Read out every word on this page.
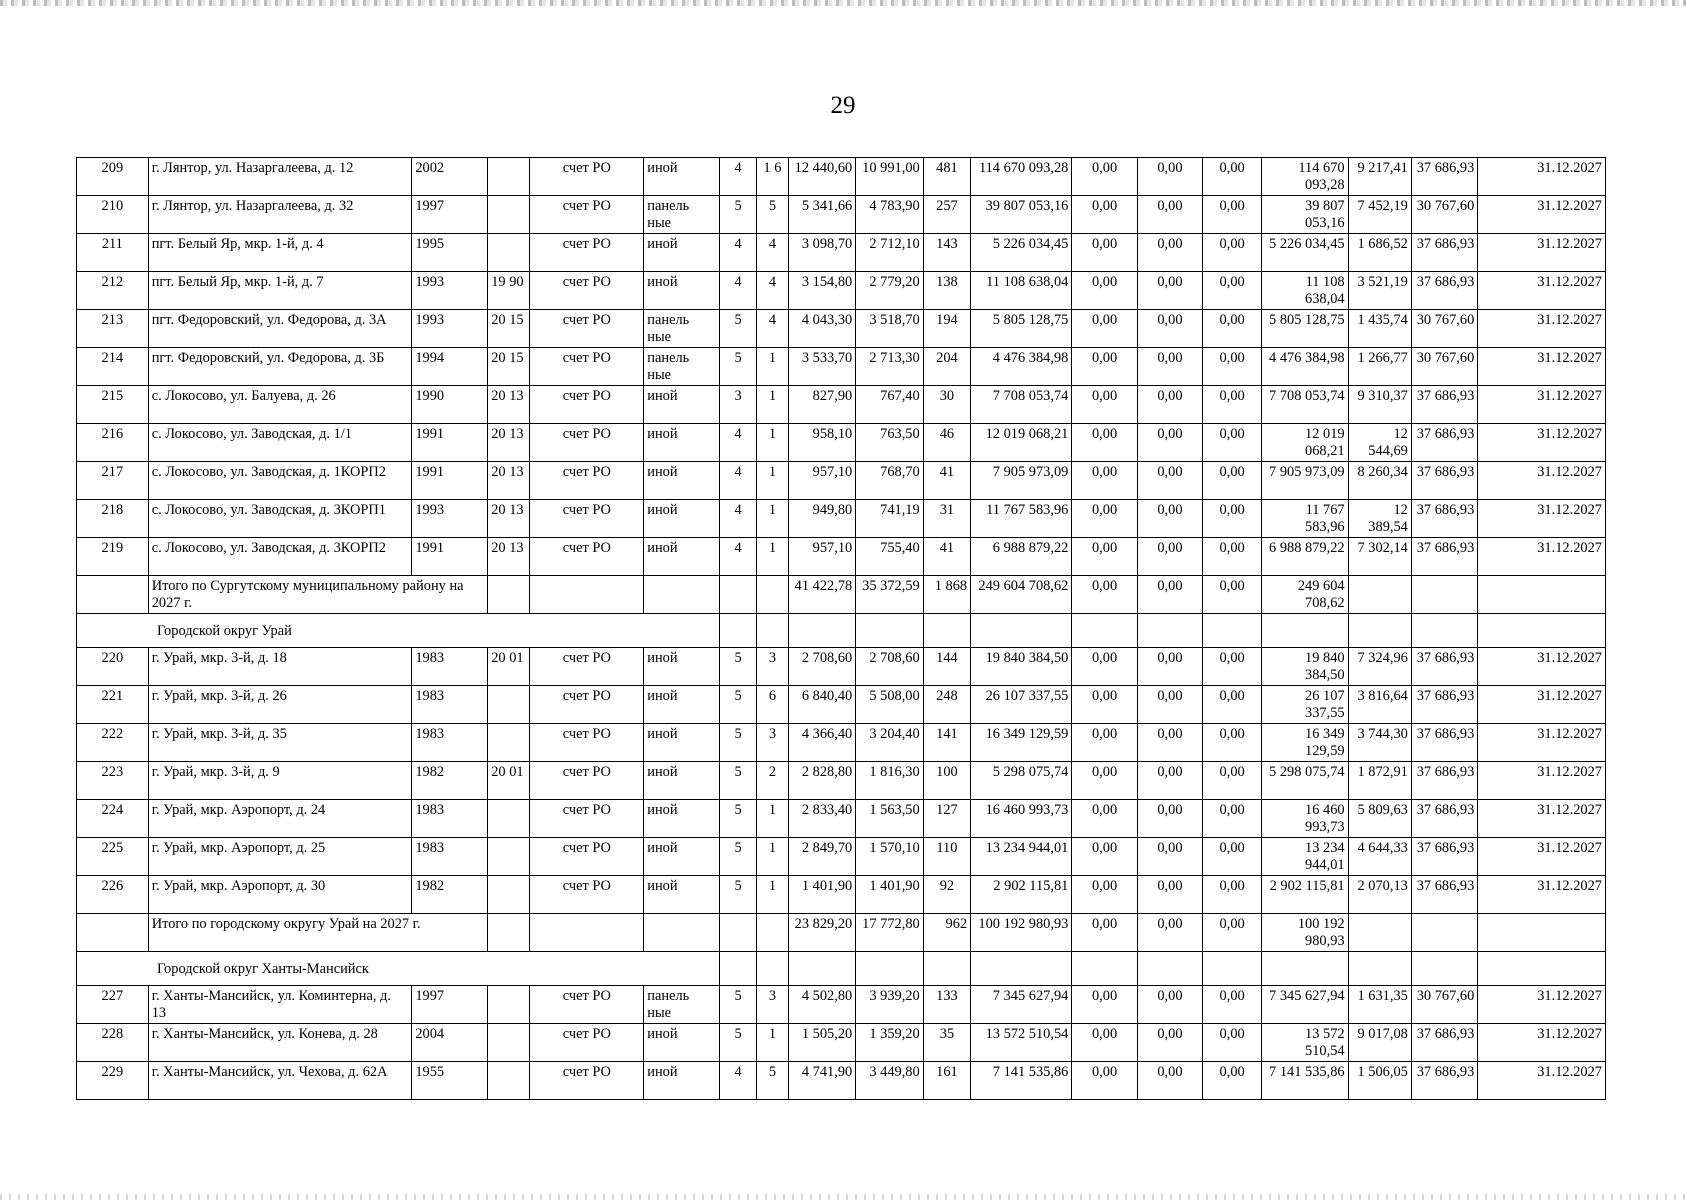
29
209	г. Лянтор, ул. Назаргалеева, д. 12	2002		счет РО	иной	4	1 6	12 440,60	10 991,00	481	114 670 093,28	0,00	0,00	0,00	114 670 093,28	9 217,41	37 686,93	31.12.2027
210	г. Лянтор, ул. Назаргалеева, д. 32	1997		счет РО	панель ные	5	5	5 341,66	4 783,90	257	39 807 053,16	0,00	0,00	0,00	39 807 053,16	7 452,19	30 767,60	31.12.2027
211	пгт. Белый Яр, мкр. 1-й, д. 4	1995		счет РО	иной	4	4	3 098,70	2 712,10	143	5 226 034,45	0,00	0,00	0,00	5 226 034,45	1 686,52	37 686,93	31.12.2027
212	пгт. Белый Яр, мкр. 1-й, д. 7	1993	19 90	счет РО	иной	4	4	3 154,80	2 779,20	138	11 108 638,04	0,00	0,00	0,00	11 108 638,04	3 521,19	37 686,93	31.12.2027
213	пгт. Федоровский, ул. Федорова, д. 3А	1993	20 15	счет РО	панель ные	5	4	4 043,30	3 518,70	194	5 805 128,75	0,00	0,00	0,00	5 805 128,75	1 435,74	30 767,60	31.12.2027
214	пгт. Федоровский, ул. Федорова, д. 3Б	1994	20 15	счет РО	панель ные	5	1	3 533,70	2 713,30	204	4 476 384,98	0,00	0,00	0,00	4 476 384,98	1 266,77	30 767,60	31.12.2027
215	с. Локосово, ул. Балуева, д. 26	1990	20 13	счет РО	иной	3	1	827,90	767,40	30	7 708 053,74	0,00	0,00	0,00	7 708 053,74	9 310,37	37 686,93	31.12.2027
216	с. Локосово, ул. Заводская, д. 1/1	1991	20 13	счет РО	иной	4	1	958,10	763,50	46	12 019 068,21	0,00	0,00	0,00	12 019 068,21	12 544,69	37 686,93	31.12.2027
217	с. Локосово, ул. Заводская, д. 1КОРП2	1991	20 13	счет РО	иной	4	1	957,10	768,70	41	7 905 973,09	0,00	0,00	0,00	7 905 973,09	8 260,34	37 686,93	31.12.2027
218	с. Локосово, ул. Заводская, д. 3КОРП1	1993	20 13	счет РО	иной	4	1	949,80	741,19	31	11 767 583,96	0,00	0,00	0,00	11 767 583,96	12 389,54	37 686,93	31.12.2027
219	с. Локосово, ул. Заводская, д. 3КОРП2	1991	20 13	счет РО	иной	4	1	957,10	755,40	41	6 988 879,22	0,00	0,00	0,00	6 988 879,22	7 302,14	37 686,93	31.12.2027
	Итого по Сургутскому муниципальному району на 2027 г.							41 422,78	35 372,59	1 868	249 604 708,62	0,00	0,00	0,00	249 604 708,62			
Городской округ Урай																		
220	г. Урай, мкр. 3-й, д. 18	1983	20 01	счет РО	иной	5	3	2 708,60	2 708,60	144	19 840 384,50	0,00	0,00	0,00	19 840 384,50	7 324,96	37 686,93	31.12.2027
221	г. Урай, мкр. 3-й, д. 26	1983		счет РО	иной	5	6	6 840,40	5 508,00	248	26 107 337,55	0,00	0,00	0,00	26 107 337,55	3 816,64	37 686,93	31.12.2027
222	г. Урай, мкр. 3-й, д. 35	1983		счет РО	иной	5	3	4 366,40	3 204,40	141	16 349 129,59	0,00	0,00	0,00	16 349 129,59	3 744,30	37 686,93	31.12.2027
223	г. Урай, мкр. 3-й, д. 9	1982	20 01	счет РО	иной	5	2	2 828,80	1 816,30	100	5 298 075,74	0,00	0,00	0,00	5 298 075,74	1 872,91	37 686,93	31.12.2027
224	г. Урай, мкр. Аэропорт, д. 24	1983		счет РО	иной	5	1	2 833,40	1 563,50	127	16 460 993,73	0,00	0,00	0,00	16 460 993,73	5 809,63	37 686,93	31.12.2027
225	г. Урай, мкр. Аэропорт, д. 25	1983		счет РО	иной	5	1	2 849,70	1 570,10	110	13 234 944,01	0,00	0,00	0,00	13 234 944,01	4 644,33	37 686,93	31.12.2027
226	г. Урай, мкр. Аэропорт, д. 30	1982		счет РО	иной	5	1	1 401,90	1 401,90	92	2 902 115,81	0,00	0,00	0,00	2 902 115,81	2 070,13	37 686,93	31.12.2027
	Итого по городскому округу Урай на 2027 г.							23 829,20	17 772,80	962	100 192 980,93	0,00	0,00	0,00	100 192 980,93			
Городской округ Ханты-Мансийск																		
227	г. Ханты-Мансийск, ул. Коминтерна, д. 13	1997		счет РО	панель ные	5	3	4 502,80	3 939,20	133	7 345 627,94	0,00	0,00	0,00	7 345 627,94	1 631,35	30 767,60	31.12.2027
228	г. Ханты-Мансийск, ул. Конева, д. 28	2004		счет РО	иной	5	1	1 505,20	1 359,20	35	13 572 510,54	0,00	0,00	0,00	13 572 510,54	9 017,08	37 686,93	31.12.2027
229	г. Ханты-Мансийск, ул. Чехова, д. 62А	1955		счет РО	иной	4	5	4 741,90	3 449,80	161	7 141 535,86	0,00	0,00	0,00	7 141 535,86	1 506,05	37 686,93	31.12.2027
